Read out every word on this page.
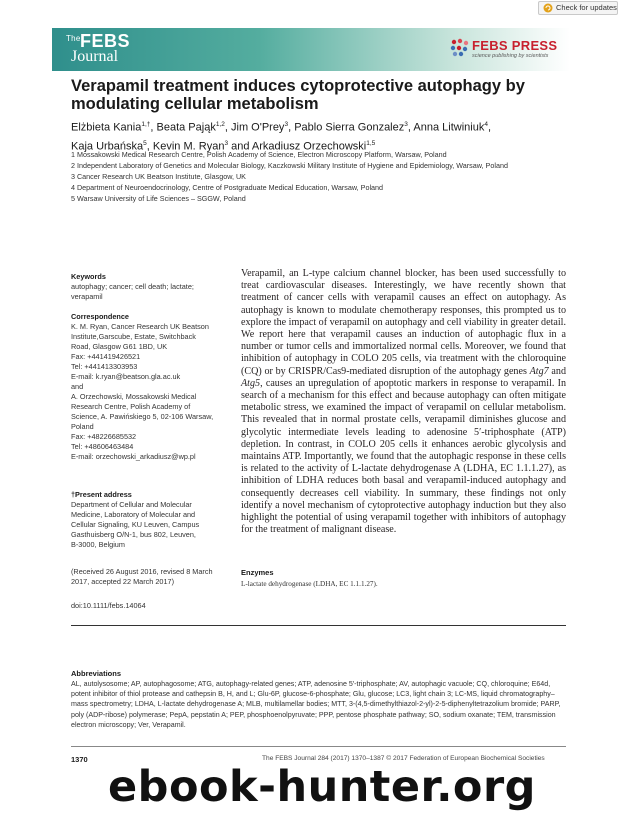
Check for updates
The FEBS
Journal
FEBS PRESS
science publishing by scientists
Verapamil treatment induces cytoprotective autophagy by
modulating cellular metabolism
Elżbieta Kania$^{1,\dagger}$, Beata Pająk$^{1,2}$, Jim O'Prey$^3$, Pablo Sierra Gonzalez$^3$, Anna Litwiniuk$^4$,
Kaja Urbańska$^5$, Kevin M. Ryan$^3$ and Arkadiusz Orzechowski$^{1,5}$
1 Mossakowski Medical Research Centre, Polish Academy of Science, Electron Microscopy Platform, Warsaw, Poland
2 Independent Laboratory of Genetics and Molecular Biology, Kaczkowski Military Institute of Hygiene and Epidemiology, Warsaw, Poland
3 Cancer Research UK Beatson Institute, Glasgow, UK
4 Department of Neuroendocrinology, Centre of Postgraduate Medical Education, Warsaw, Poland
5 Warsaw University of Life Sciences – SGGW, Poland
Keywords
autophagy; cancer; cell death; lactate; verapamil
Correspondence
K. M. Ryan, Cancer Research UK Beatson
Institute,Garscube, Estate, Switchback
Road, Glasgow G61 1BD, UK
Fax: +441419426521
Tel: +441413303953
E-mail: k.ryan@beatson.gla.ac.uk
and
A. Orzechowski, Mossakowski Medical
Research Centre, Polish Academy of
Science, A. Pawińskiego 5, 02-106 Warsaw,
Poland
Fax: +48226685532
Tel: +48606463484
E-mail: orzechowski_arkadiusz@wp.pl
†Present address
Department of Cellular and Molecular
Medicine, Laboratory of Molecular and
Cellular Signaling, KU Leuven, Campus
Gasthuisberg O/N-1, bus 802, Leuven,
B-3000, Belgium
(Received 26 August 2016, revised 8 March
2017, accepted 22 March 2017)
doi:10.1111/febs.14064
Verapamil, an L-type calcium channel blocker, has been used successfully to treat cardiovascular diseases. Interestingly, we have recently shown that treatment of cancer cells with verapamil causes an effect on autophagy. As autophagy is known to modulate chemotherapy responses, this prompted us to explore the impact of verapamil on autophagy and cell viability in greater detail. We report here that verapamil causes an induction of autophagic flux in a number or tumor cells and immortalized normal cells. Moreover, we found that inhibition of autophagy in COLO 205 cells, via treatment with the chloroquine (CQ) or by CRISPR/Cas9-mediated disruption of the autophagy genes Atg7 and Atg5, causes an upregulation of apoptotic markers in response to verapamil. In search of a mechanism for this effect and because autophagy can often mitigate metabolic stress, we examined the impact of verapamil on cellular metabolism. This revealed that in normal prostate cells, verapamil diminishes glucose and glycolytic intermediate levels leading to adenosine 5′-triphosphate (ATP) depletion. In contrast, in COLO 205 cells it enhances aerobic glycolysis and maintains ATP. Importantly, we found that the autophagic response in these cells is related to the activity of L-lactate dehydrogenase A (LDHA, EC 1.1.1.27), as inhibition of LDHA reduces both basal and verapamil-induced autophagy and consequently decreases cell viability. In summary, these findings not only identify a novel mechanism of cytoprotective autophagy induction but they also highlight the potential of using verapamil together with inhibitors of autophagy for the treatment of malignant disease.
Enzymes
L-lactate dehydrogenase (LDHA, EC 1.1.1.27).
Abbreviations
AL, autolysosome; AP, autophagosome; ATG, autophagy-related genes; ATP, adenosine 5′-triphosphate; AV, autophagic vacuole; CQ, chloroquine; E64d, potent inhibitor of thiol protease and cathepsin B, H, and L; Glu-6P, glucose-6-phosphate; Glu, glucose; LC3, light chain 3; LC-MS, liquid chromatography–mass spectrometry; LDHA, L-lactate dehydrogenase A; MLB, multilamellar bodies; MTT, 3-(4,5-dimethylthiazol-2-yl)-2-5-diphenyltetrazolium bromide; PARP, poly (ADP-ribose) polymerase; PepA, pepstatin A; PEP, phosphoenolpyruvate; PPP, pentose phosphate pathway; SO, sodium oxanate; TEM, transmission electron microscopy; Ver, Verapamil.
1370	The FEBS Journal 284 (2017) 1370–1387 © 2017 Federation of European Biochemical Societies
ebook-hunter.org
